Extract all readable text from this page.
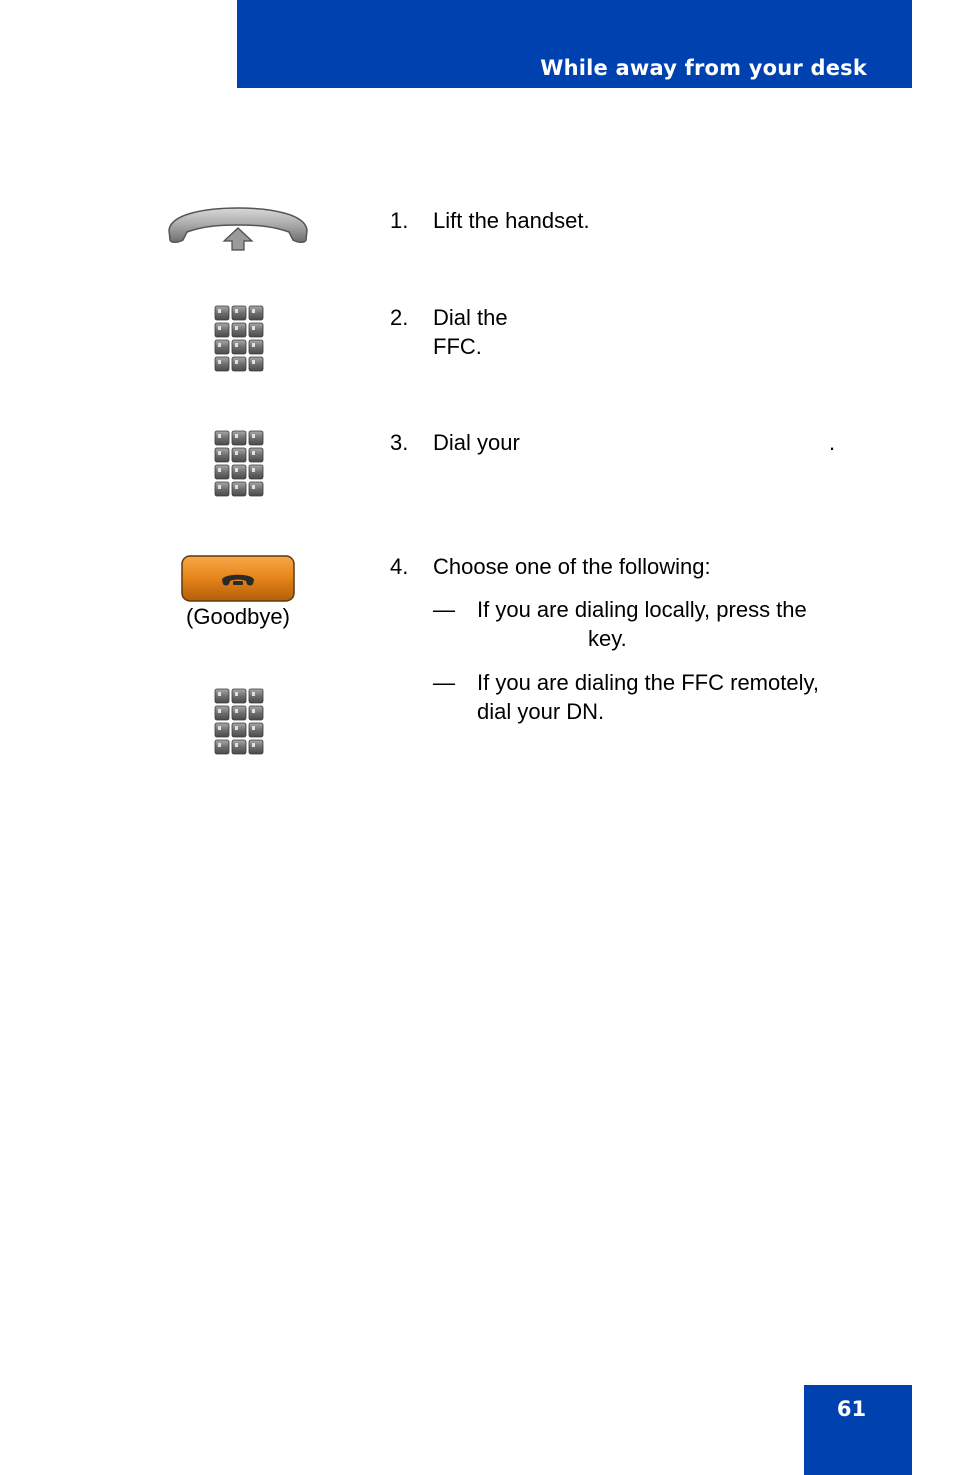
While away from your desk
1. Lift the handset.
2. Dial the
FFC.
3. Dial your	.
(Goodbye)
4. Choose one of the following:
— If you are dialing locally, press the
key.
— If you are dialing the FFC remotely,
dial your DN.
61
